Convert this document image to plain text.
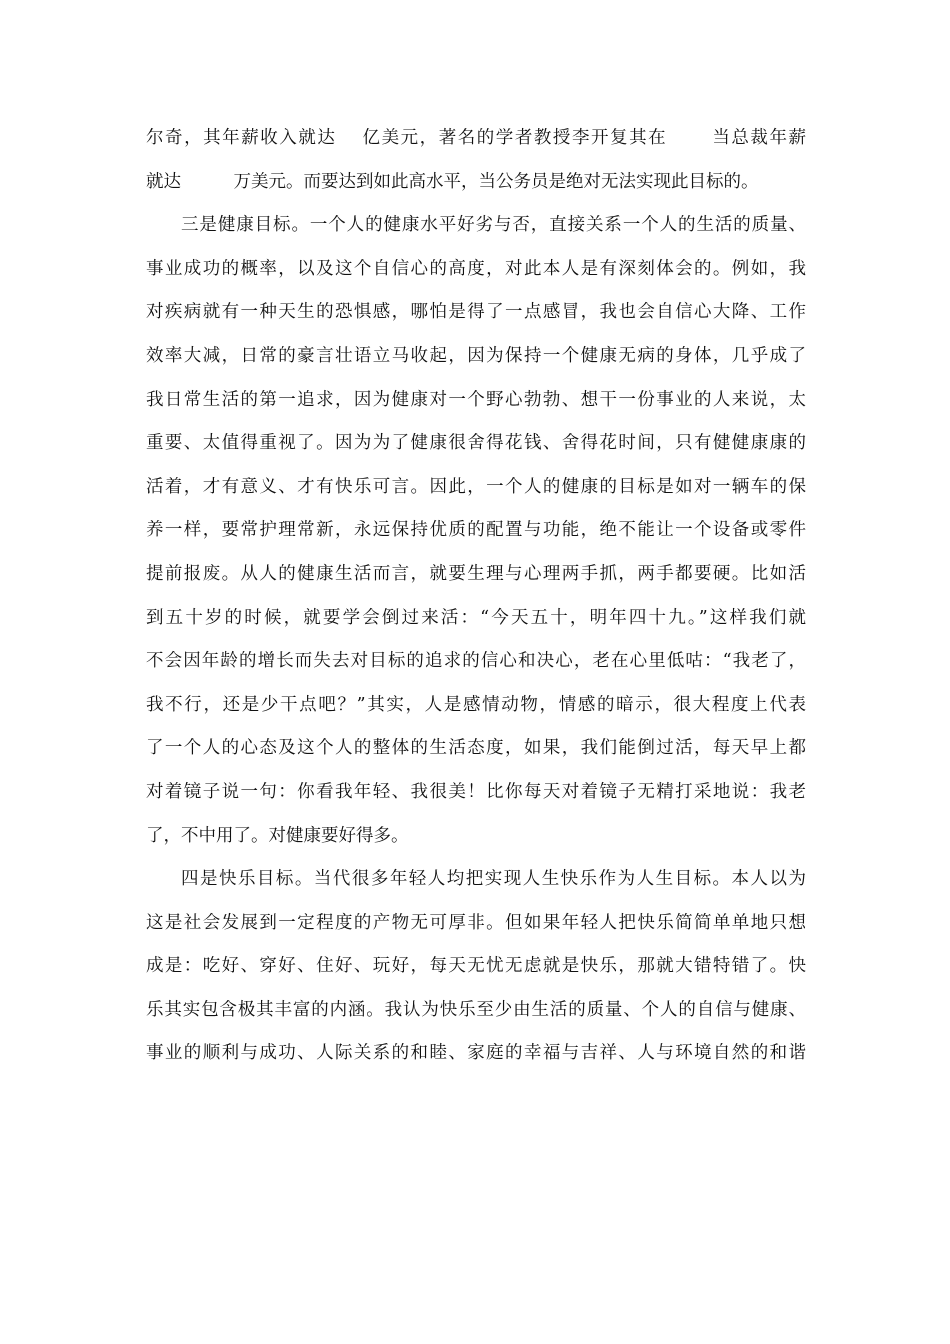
尔奇，其年薪收入就达　 亿美元，著名的学者教授李开复其在　　 当总裁年薪
就达　　　万美元。而要达到如此高水平，当公务员是绝对无法实现此目标的。
三是健康目标。一个人的健康水平好劣与否，直接关系一个人的生活的质量、
事业成功的概率，以及这个自信心的高度，对此本人是有深刻体会的。例如，我
对疾病就有一种天生的恐惧感，哪怕是得了一点感冒，我也会自信心大降、工作
效率大减，日常的豪言壮语立马收起，因为保持一个健康无病的身体，几乎成了
我日常生活的第一追求，因为健康对一个野心勃勃、想干一份事业的人来说，太
重要、太值得重视了。因为为了健康很舍得花钱、舍得花时间，只有健健康康的
活着，才有意义、才有快乐可言。因此，一个人的健康的目标是如对一辆车的保
养一样，要常护理常新，永远保持优质的配置与功能，绝不能让一个设备或零件
提前报废。从人的健康生活而言，就要生理与心理两手抓，两手都要硬。比如活
到五十岁的时候，就要学会倒过来活：“今天五十，明年四十九。”这样我们就
不会因年龄的增长而失去对目标的追求的信心和决心，老在心里低咕：“我老了，
我不行，还是少干点吧？”其实，人是感情动物，情感的暗示，很大程度上代表
了一个人的心态及这个人的整体的生活态度，如果，我们能倒过活，每天早上都
对着镜子说一句：你看我年轻、我很美！比你每天对着镜子无精打采地说：我老
了，不中用了。对健康要好得多。
四是快乐目标。当代很多年轻人均把实现人生快乐作为人生目标。本人以为
这是社会发展到一定程度的产物无可厚非。但如果年轻人把快乐简简单单地只想
成是：吃好、穿好、住好、玩好，每天无忧无虑就是快乐，那就大错特错了。快
乐其实包含极其丰富的内涵。我认为快乐至少由生活的质量、个人的自信与健康、
事业的顺利与成功、人际关系的和睦、家庭的幸福与吉祥、人与环境自然的和谐
